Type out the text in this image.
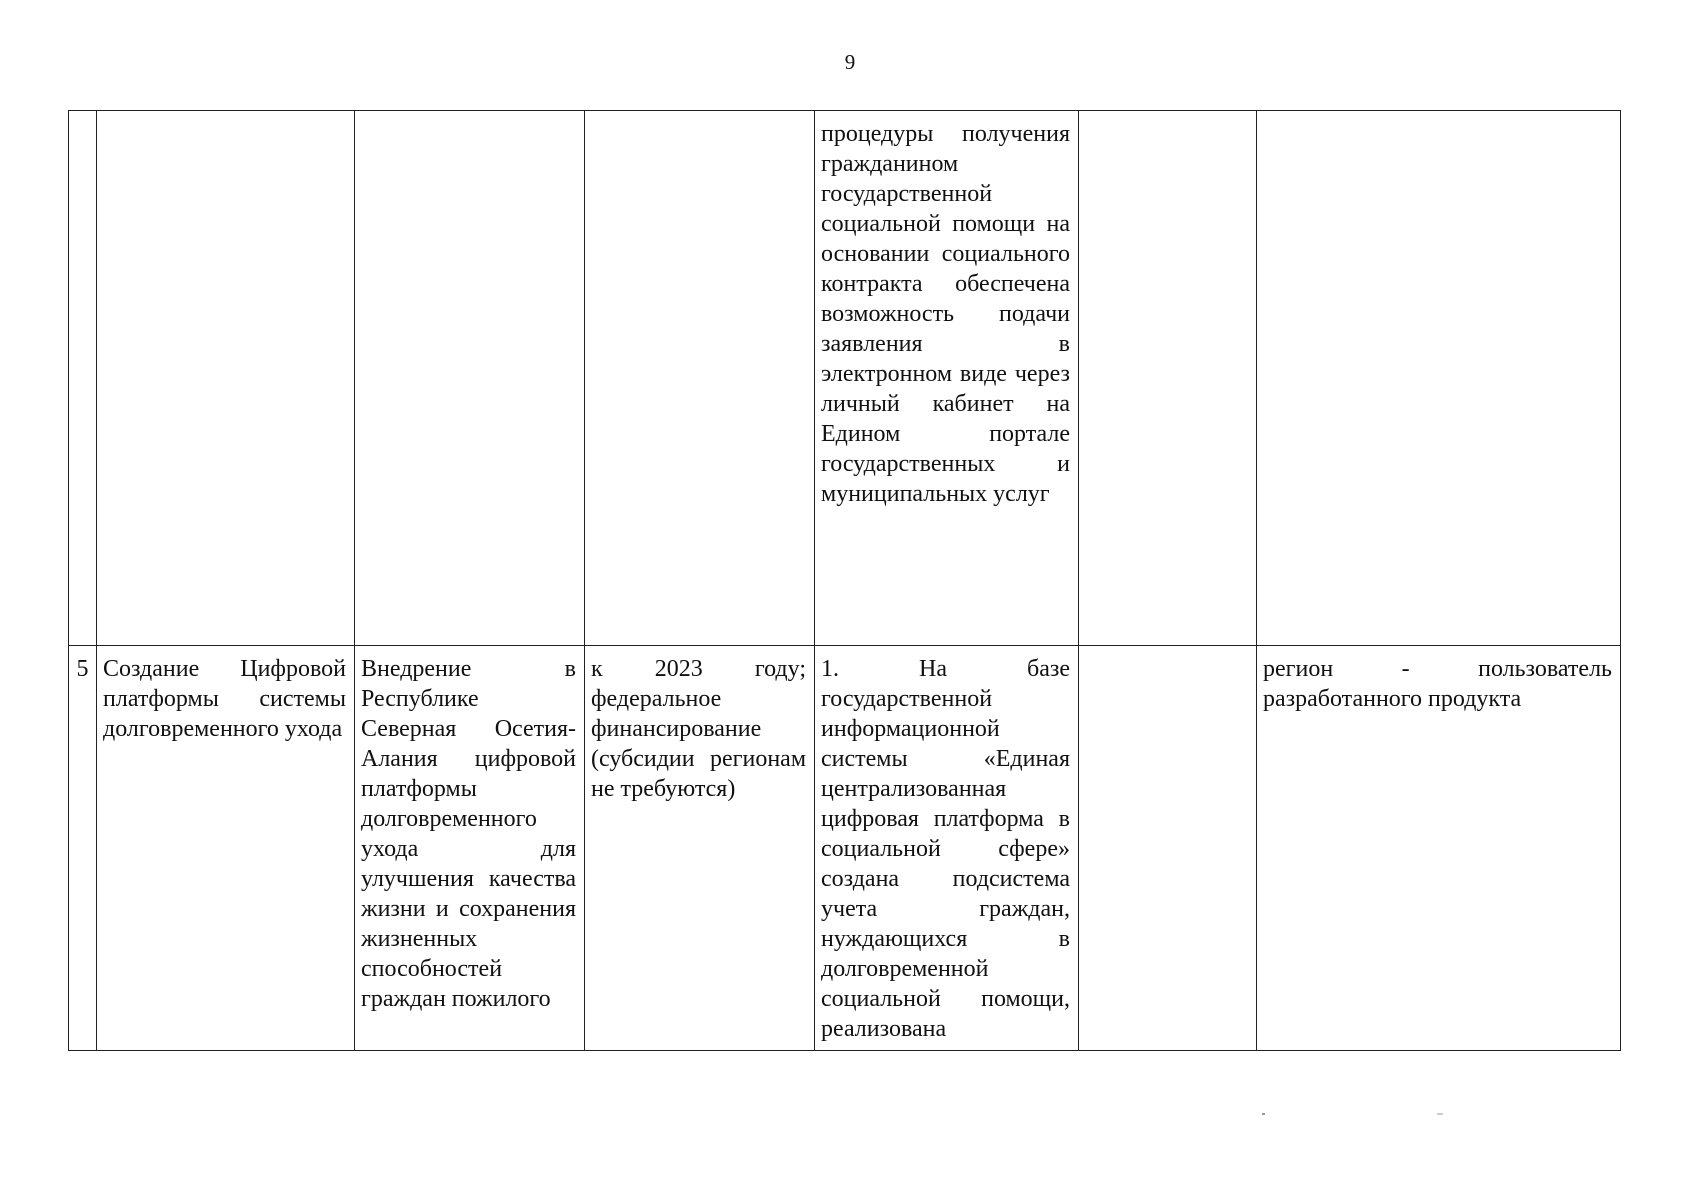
9
				процедуры получения гражданином государственной социальной помощи на основании социального контракта обеспечена возможность подачи заявления в электронном виде через личный кабинет на Едином портале государственных и муниципальных услуг		
5	Создание Цифровой платформы системы долговременного ухода	Внедрение в Республике Северная Осетия-Алания цифровой платформы долговременного ухода для улучшения качества жизни и сохранения жизненных способностей граждан пожилого	к 2023 году; федеральное финансирование (субсидии регионам не требуются)	1. На базе государственной информационной системы «Единая централизованная цифровая платформа в социальной сфере» создана подсистема учета граждан, нуждающихся в долговременной социальной помощи, реализована		регион - пользователь разработанного продукта
